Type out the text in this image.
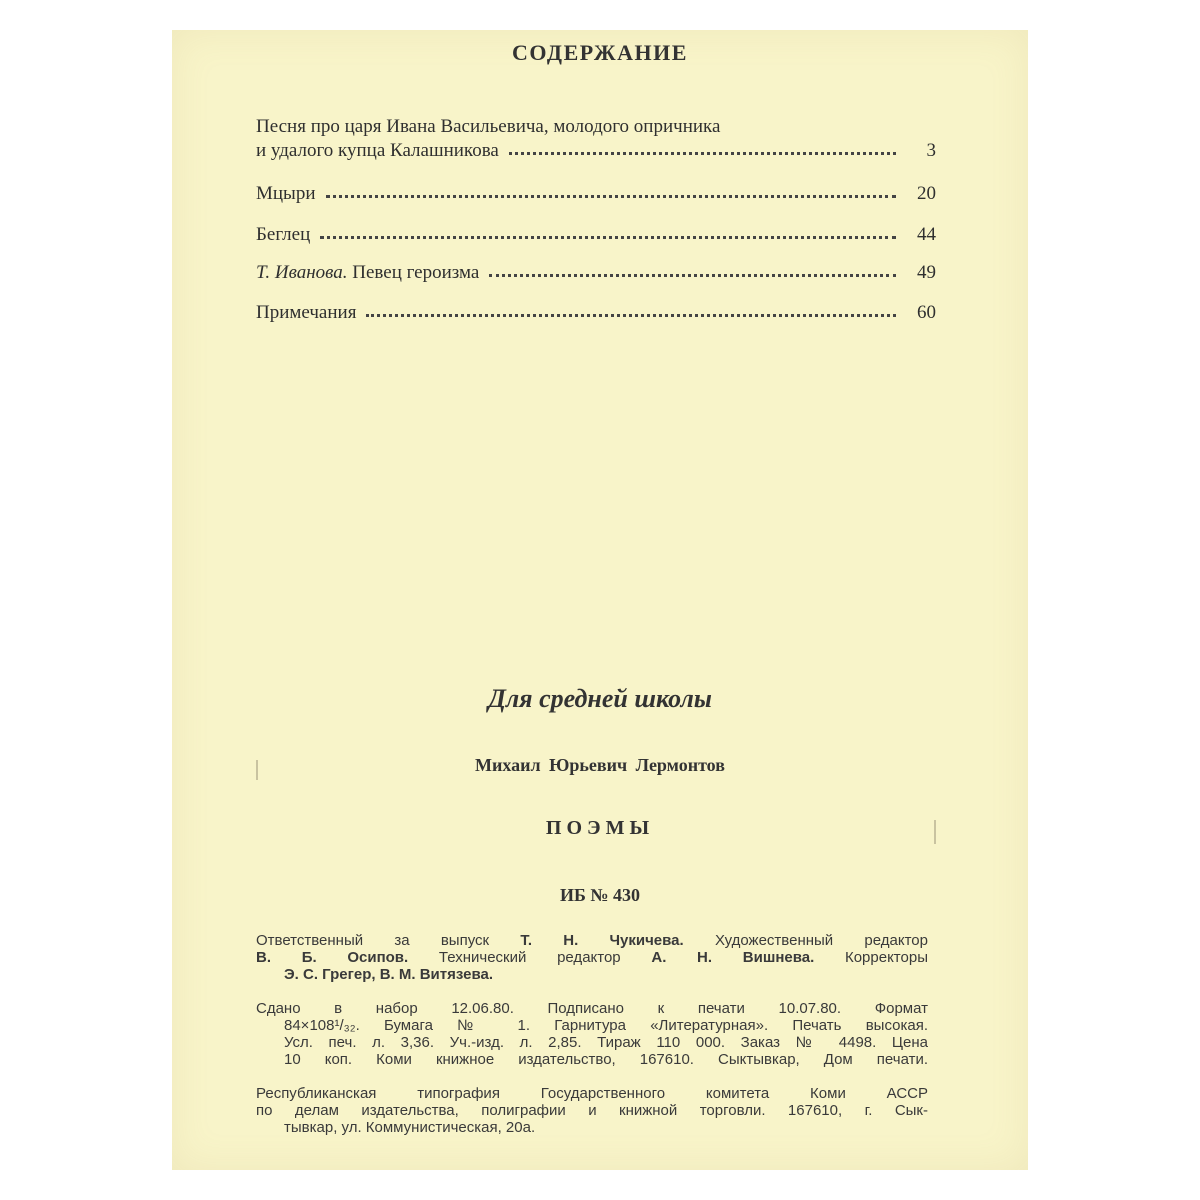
СОДЕРЖАНИЕ
Песня про царя Ивана Васильевича, молодого опричника
и удалого купца Калашникова	3
Мцыри	20
Беглец	44
Т. Иванова. Певец героизма	49
Примечания	60
Для средней школы
Михаил Юрьевич Лермонтов
ПОЭМЫ
ИБ № 430
Ответственный за выпуск Т. Н. Чукичева. Художественный редактор
В. Б. Осипов. Технический редактор А. Н. Вишнева. Корректоры
Э. С. Грегер, В. М. Витязева.
Сдано в набор 12.06.80. Подписано к печати 10.07.80. Формат
84×108¹/₃₂. Бумага № 1. Гарнитура «Литературная». Печать высокая.
Усл. печ. л. 3,36. Уч.-изд. л. 2,85. Тираж 110 000. Заказ № 4498. Цена
10 коп. Коми книжное издательство, 167610. Сыктывкар, Дом печати.
Республиканская типография Государственного комитета Коми АССР
по делам издательства, полиграфии и книжной торговли. 167610, г. Сык-
тывкар, ул. Коммунистическая, 20а.
